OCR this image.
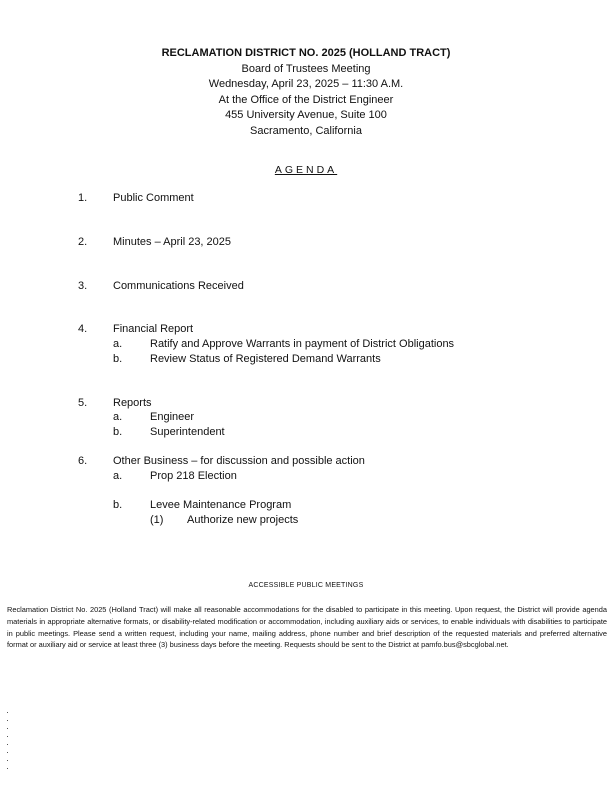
RECLAMATION DISTRICT NO. 2025 (HOLLAND TRACT)
Board of Trustees Meeting
Wednesday, April 23, 2025 – 11:30 A.M.
At the Office of the District Engineer
455 University Avenue, Suite 100
Sacramento, California
AGENDA
1.	Public Comment
2.	Minutes – April 23, 2025
3.	Communications Received
4.	Financial Report
a.	Ratify and Approve Warrants in payment of District Obligations
b.	Review Status of Registered Demand Warrants
5.	Reports
a.	Engineer
b.	Superintendent
6.	Other Business – for discussion and possible action
a.	Prop 218 Election
b.	Levee Maintenance Program
(1) Authorize new projects
ACCESSIBLE PUBLIC MEETINGS
Reclamation District No. 2025 (Holland Tract) will make all reasonable accommodations for the disabled to participate in this meeting. Upon request, the District will provide agenda materials in appropriate alternative formats, or disability-related modification or accommodation, including auxiliary aids or services, to enable individuals with disabilities to participate in public meetings. Please send a written request, including your name, mailing address, phone number and brief description of the requested materials and preferred alternative format or auxiliary aid or service at least three (3) business days before the meeting. Requests should be sent to the District at pamfo.bus@sbcglobal.net.
